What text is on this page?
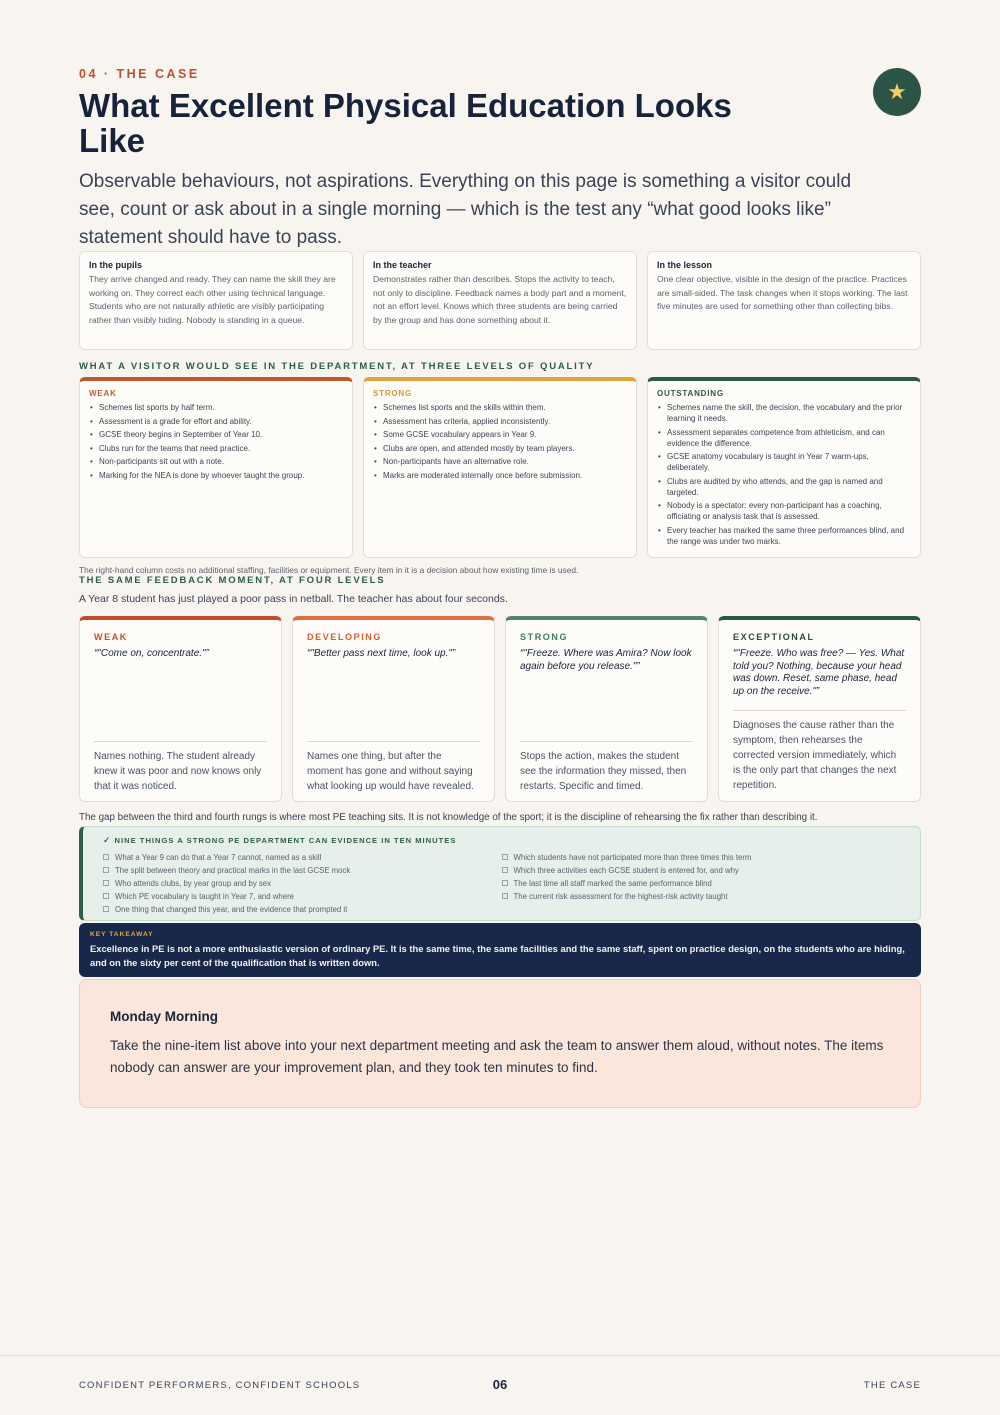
04 · THE CASE
What Excellent Physical Education Looks Like
★

Observable behaviours, not aspirations. Everything on this page is something a visitor could see, count or ask about in a single morning — which is the test any “what good looks like” statement should have to pass.

In the pupils

They arrive changed and ready. They can name the skill they are working on. They correct each other using technical language. Students who are not naturally athletic are visibly participating rather than visibly hiding. Nobody is standing in a queue.

In the teacher

Demonstrates rather than describes. Stops the activity to teach, not only to discipline. Feedback names a body part and a moment, not an effort level. Knows which three students are being carried by the group and has done something about it.

In the lesson

One clear objective, visible in the design of the practice. Practices are small-sided. The task changes when it stops working. The last five minutes are used for something other than collecting bibs.

WHAT A VISITOR WOULD SEE IN THE DEPARTMENT, AT THREE LEVELS OF QUALITY
WEAK
• Schemes list sports by half term.
• Assessment is a grade for effort and ability.
• GCSE theory begins in September of Year 10.
• Clubs run for the teams that need practice.
• Non-participants sit out with a note.
• Marking for the NEA is done by whoever taught the group.
STRONG
• Schemes list sports and the skills within them.
• Assessment has criteria, applied inconsistently.
• Some GCSE vocabulary appears in Year 9.
• Clubs are open, and attended mostly by team players.
• Non-participants have an alternative role.
• Marks are moderated internally once before submission.
OUTSTANDING
• Schemes name the skill, the decision, the vocabulary and the prior learning it needs.
• Assessment separates competence from athleticism, and can evidence the difference.
• GCSE anatomy vocabulary is taught in Year 7 warm-ups, deliberately.
• Clubs are audited by who attends, and the gap is named and targeted.
• Nobody is a spectator: every non-participant has a coaching, officiating or analysis task that is assessed.
• Every teacher has marked the same three performances blind, and the range was under two marks.
The right-hand column costs no additional staffing, facilities or equipment. Every item in it is a decision about how existing time is used.
THE SAME FEEDBACK MOMENT, AT FOUR LEVELS
A Year 8 student has just played a poor pass in netball. The teacher has about four seconds.
WEAK
“"Come on, concentrate."”
Names nothing. The student already knew it was poor and now knows only that it was noticed.
DEVELOPING
“"Better pass next time, look up."”
Names one thing, but after the moment has gone and without saying what looking up would have revealed.
STRONG
“"Freeze. Where was Amira? Now look again before you release."”
Stops the action, makes the student see the information they missed, then restarts. Specific and timed.
EXCEPTIONAL
“"Freeze. Who was free? — Yes. What told you? Nothing, because your head was down. Reset, same phase, head up on the receive."”
Diagnoses the cause rather than the symptom, then rehearses the corrected version immediately, which is the only part that changes the next repetition.
The gap between the third and fourth rungs is where most PE teaching sits. It is not knowledge of the sport; it is the discipline of rehearsing the fix rather than describing it.
✓ NINE THINGS A STRONG PE DEPARTMENT CAN EVIDENCE IN TEN MINUTES
What a Year 9 can do that a Year 7 cannot, named as a skill
The split between theory and practical marks in the last GCSE mock
Who attends clubs, by year group and by sex
Which PE vocabulary is taught in Year 7, and where
One thing that changed this year, and the evidence that prompted it
Which students have not participated more than three times this term
Which three activities each GCSE student is entered for, and why
The last time all staff marked the same performance blind
The current risk assessment for the highest-risk activity taught
KEY TAKEAWAY
Excellence in PE is not a more enthusiastic version of ordinary PE. It is the same time, the same facilities and the same staff, spent on practice design, on the students who are hiding, and on the sixty per cent of the qualification that is written down.
Monday Morning

Take the nine-item list above into your next department meeting and ask the team to answer them aloud, without notes. The items nobody can answer are your improvement plan, and they took ten minutes to find.

CONFIDENT PERFORMERS, CONFIDENT SCHOOLS	06	THE CASE
